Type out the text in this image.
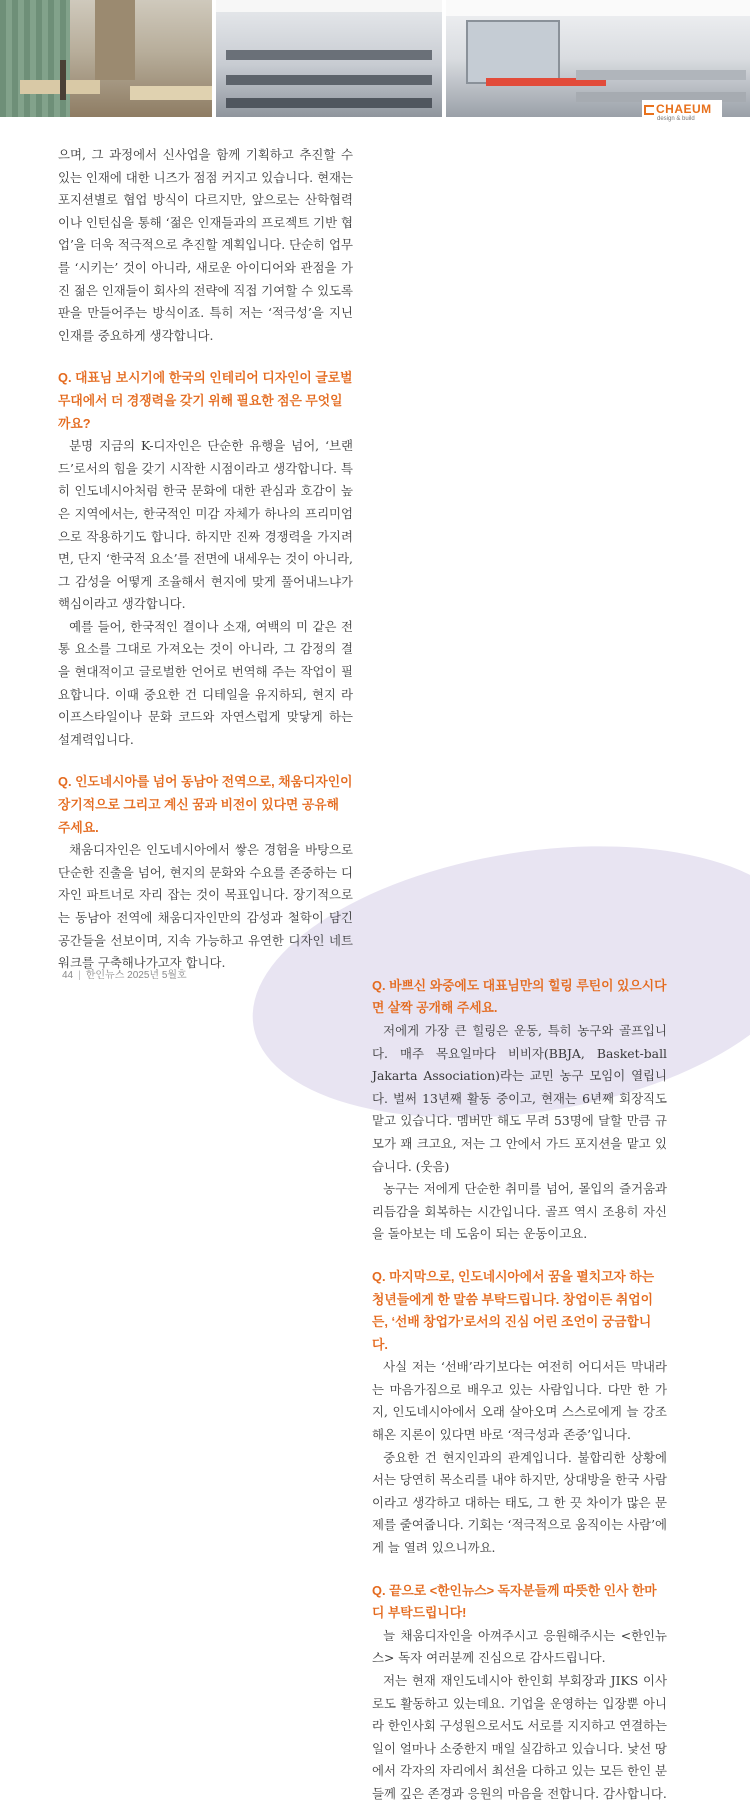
CHAEUM
design & build

으며, 그 과정에서 신사업을 함께 기획하고 추진할 수 있는 인재에 대한 니즈가 점점 커지고 있습니다. 현재는 포지션별로 협업 방식이 다르지만, 앞으로는 산학협력이나 인턴십을 통해 ‘젊은 인재들과의 프로젝트 기반 협업’을 더욱 적극적으로 추진할 계획입니다. 단순히 업무를 ‘시키는’ 것이 아니라, 새로운 아이디어와 관점을 가진 젊은 인재들이 회사의 전략에 직접 기여할 수 있도록 판을 만들어주는 방식이죠. 특히 저는 ‘적극성’을 지닌 인재를 중요하게 생각합니다.

Q. 대표님 보시기에 한국의 인테리어 디자인이 글로벌 무대에서 더 경쟁력을 갖기 위해 필요한 점은 무엇일까요?

분명 지금의 K-디자인은 단순한 유행을 넘어, ‘브랜드’로서의 힘을 갖기 시작한 시점이라고 생각합니다. 특히 인도네시아처럼 한국 문화에 대한 관심과 호감이 높은 지역에서는, 한국적인 미감 자체가 하나의 프리미엄으로 작용하기도 합니다. 하지만 진짜 경쟁력을 가지려면, 단지 ‘한국적 요소’를 전면에 내세우는 것이 아니라, 그 감성을 어떻게 조율해서 현지에 맞게 풀어내느냐가 핵심이라고 생각합니다.

예를 들어, 한국적인 결이나 소재, 여백의 미 같은 전통 요소를 그대로 가져오는 것이 아니라, 그 감정의 결을 현대적이고 글로벌한 언어로 번역해 주는 작업이 필요합니다. 이때 중요한 건 디테일을 유지하되, 현지 라이프스타일이나 문화 코드와 자연스럽게 맞닿게 하는 설계력입니다.

Q. 인도네시아를 넘어 동남아 전역으로, 채움디자인이 장기적으로 그리고 계신 꿈과 비전이 있다면 공유해 주세요.

채움디자인은 인도네시아에서 쌓은 경험을 바탕으로 단순한 진출을 넘어, 현지의 문화와 수요를 존중하는 디자인 파트너로 자리 잡는 것이 목표입니다. 장기적으로는 동남아 전역에 채움디자인만의 감성과 철학이 담긴 공간들을 선보이며, 지속 가능하고 유연한 디자인 네트워크를 구축해나가고자 합니다.

Q. 바쁘신 와중에도 대표님만의 힐링 루틴이 있으시다면 살짝 공개해 주세요.

저에게 가장 큰 힐링은 운동, 특히 농구와 골프입니다. 매주 목요일마다 비비자(BBJA, Basket-ball Jakarta Association)라는 교민 농구 모임이 열립니다. 벌써 13년째 활동 중이고, 현재는 6년째 회장직도 맡고 있습니다. 멤버만 해도 무려 53명에 달할 만큼 규모가 꽤 크고요, 저는 그 안에서 가드 포지션을 맡고 있습니다. (웃음)

농구는 저에게 단순한 취미를 넘어, 몰입의 즐거움과 리듬감을 회복하는 시간입니다. 골프 역시 조용히 자신을 돌아보는 데 도움이 되는 운동이고요.

Q. 마지막으로, 인도네시아에서 꿈을 펼치고자 하는 청년들에게 한 말씀 부탁드립니다. 창업이든 취업이든, ‘선배 창업가’로서의 진심 어린 조언이 궁금합니다.

사실 저는 ‘선배’라기보다는 여전히 어디서든 막내라는 마음가짐으로 배우고 있는 사람입니다. 다만 한 가지, 인도네시아에서 오래 살아오며 스스로에게 늘 강조해온 지론이 있다면 바로 ‘적극성과 존중’입니다.

중요한 건 현지인과의 관계입니다. 불합리한 상황에서는 당연히 목소리를 내야 하지만, 상대방을 한국 사람이라고 생각하고 대하는 태도, 그 한 끗 차이가 많은 문제를 줄여줍니다. 기회는 ‘적극적으로 움직이는 사람’에게 늘 열려 있으니까요.

Q. 끝으로 <한인뉴스> 독자분들께 따뜻한 인사 한마디 부탁드립니다!

늘 채움디자인을 아껴주시고 응원해주시는 <한인뉴스> 독자 여러분께 진심으로 감사드립니다.

저는 현재 재인도네시아 한인회 부회장과 JIKS 이사로도 활동하고 있는데요. 기업을 운영하는 입장뿐 아니라 한인사회 구성원으로서도 서로를 지지하고 연결하는 일이 얼마나 소중한지 매일 실감하고 있습니다. 낯선 땅에서 각자의 자리에서 최선을 다하고 있는 모든 한인 분들께 깊은 존경과 응원의 마음을 전합니다. 감사합니다.

44 | 한인뉴스 2025년 5월호
